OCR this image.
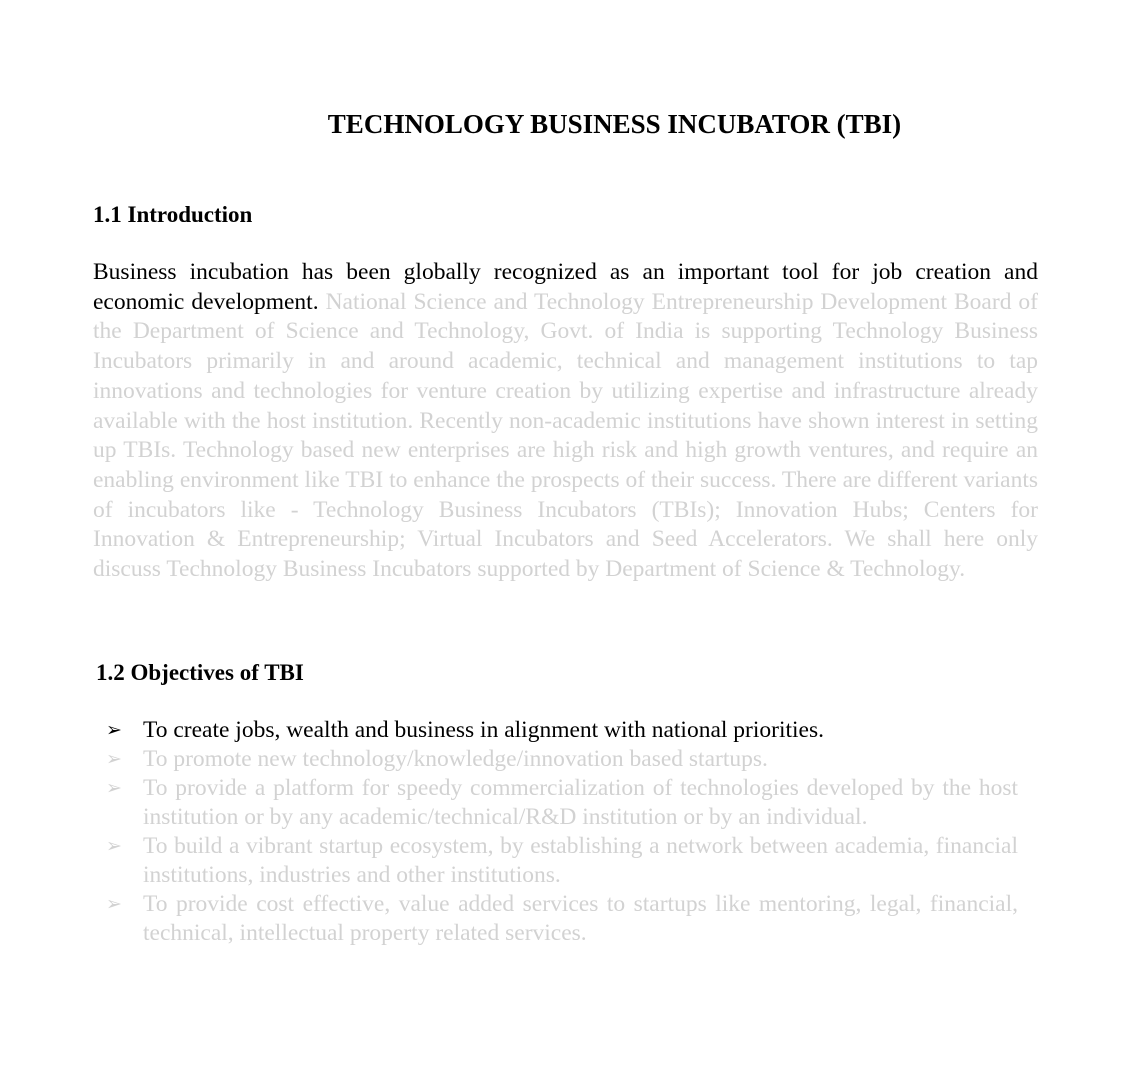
TECHNOLOGY BUSINESS INCUBATOR (TBI)
1.1 Introduction

Business incubation has been globally recognized as an important tool for job creation and economic development. National Science and Technology Entrepreneurship Development Board of the Department of Science and Technology, Govt. of India is supporting Technology Business Incubators primarily in and around academic, technical and management institutions to tap innovations and technologies for venture creation by utilizing expertise and infrastructure already available with the host institution. Recently non-academic institutions have shown interest in setting up TBIs. Technology based new enterprises are high risk and high growth ventures, and require an enabling environment like TBI to enhance the prospects of their success. There are different variants of incubators like - Technology Business Incubators (TBIs); Innovation Hubs; Centers for Innovation & Entrepreneurship; Virtual Incubators and Seed Accelerators. We shall here only discuss Technology Business Incubators supported by Department of Science & Technology.

1.2 Objectives of TBI
➢ To create jobs, wealth and business in alignment with national priorities.
➢ To promote new technology/knowledge/innovation based startups.
➢ To provide a platform for speedy commercialization of technologies developed by the host institution or by any academic/technical/R&D institution or by an individual.
➢ To build a vibrant startup ecosystem, by establishing a network between academia, financial institutions, industries and other institutions.
➢ To provide cost effective, value added services to startups like mentoring, legal, financial, technical, intellectual property related services.
